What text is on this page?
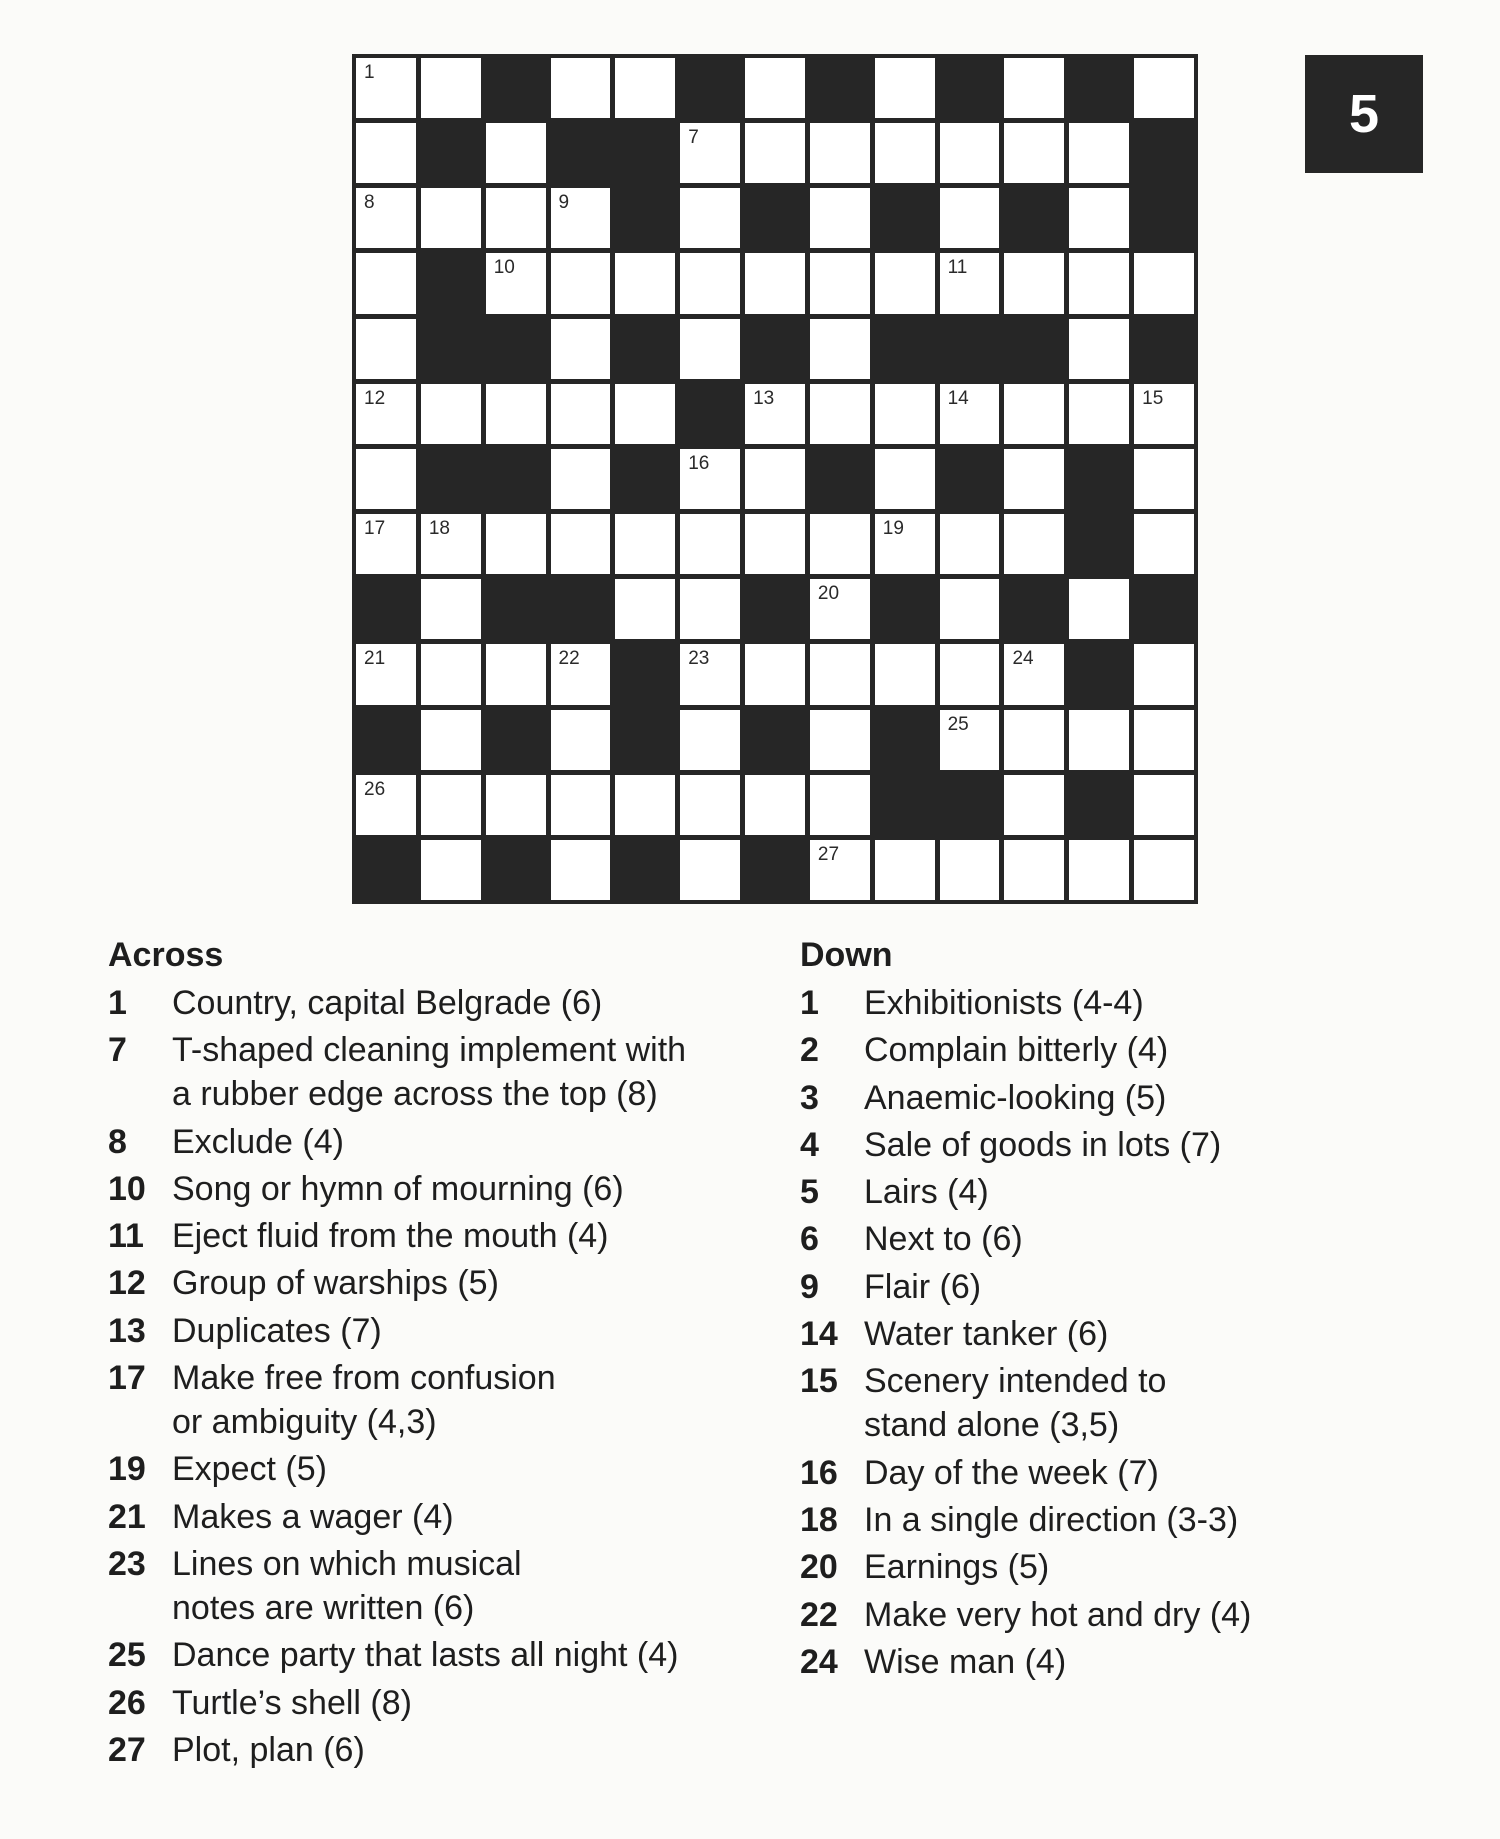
1
7
8	9
10	11
12	13	14	15
16
17 18	19
20
21	22	23	24
25
26
27
5
Across
1	Country, capital Belgrade (6)
7	T-shaped cleaning implement with
a rubber edge across the top (8)
8	Exclude (4)
10 Song or hymn of mourning (6)
11 Eject fluid from the mouth (4)
12 Group of warships (5)
13 Duplicates (7)
17 Make free from confusion
or ambiguity (4,3)
19 Expect (5)
21 Makes a wager (4)
23 Lines on which musical
notes are written (6)
25 Dance party that lasts all night (4)
26 Turtle’s shell (8)
27 Plot, plan (6)
Down
1	Exhibitionists (4-4)
2	Complain bitterly (4)
3	Anaemic-looking (5)
4	Sale of goods in lots (7)
5	Lairs (4)
6	Next to (6)
9	Flair (6)
14 Water tanker (6)
15 Scenery intended to
stand alone (3,5)
16 Day of the week (7)
18 In a single direction (3-3)
20 Earnings (5)
22 Make very hot and dry (4)
24 Wise man (4)
